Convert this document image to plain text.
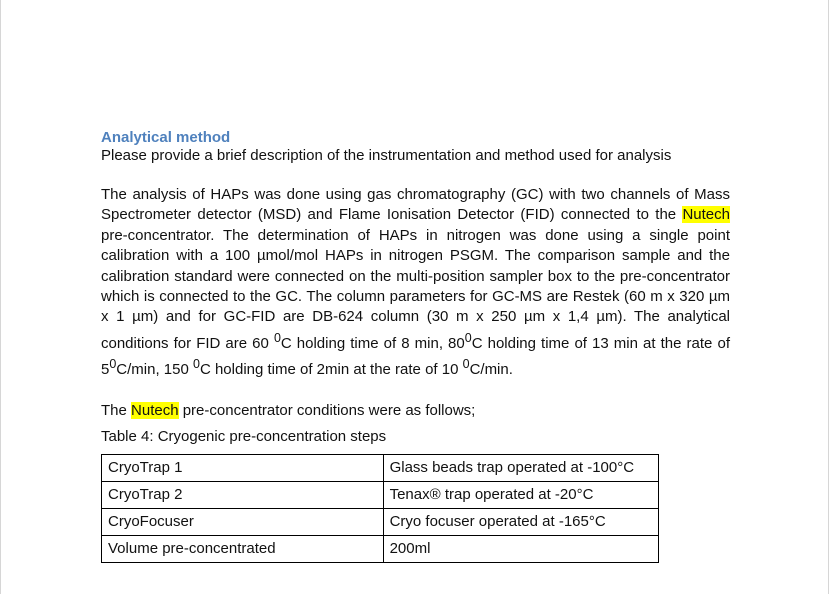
Analytical method

Please provide a brief description of the instrumentation and method used for analysis

The analysis of HAPs was done using gas chromatography (GC) with two channels of Mass Spectrometer detector (MSD) and Flame Ionisation Detector (FID) connected to the Nutech pre-concentrator. The determination of HAPs in nitrogen was done using a single point calibration with a 100 µmol/mol HAPs in nitrogen PSGM. The comparison sample and the calibration standard were connected on the multi-position sampler box to the pre-concentrator which is connected to the GC. The column parameters for GC-MS are Restek (60 m x 320 µm x 1 µm) and for GC-FID are DB-624 column (30 m x 250 µm x 1,4 µm). The analytical conditions for FID are 60 $^0$C holding time of 8 min, $80^0C$ holding time of 13 min at the rate of $5^0C/\min$, 150 $^0$C holding time of 2min at the rate of 10 $^0$C/min.

The Nutech pre-concentrator conditions were as follows;

Table 4: Cryogenic pre-concentration steps

CryoTrap 1	Glass beads trap operated at -100°C
CryoTrap 2	Tenax® trap operated at -20°C
CryoFocuser	Cryo focuser operated at -165°C
Volume pre-concentrated	200ml
